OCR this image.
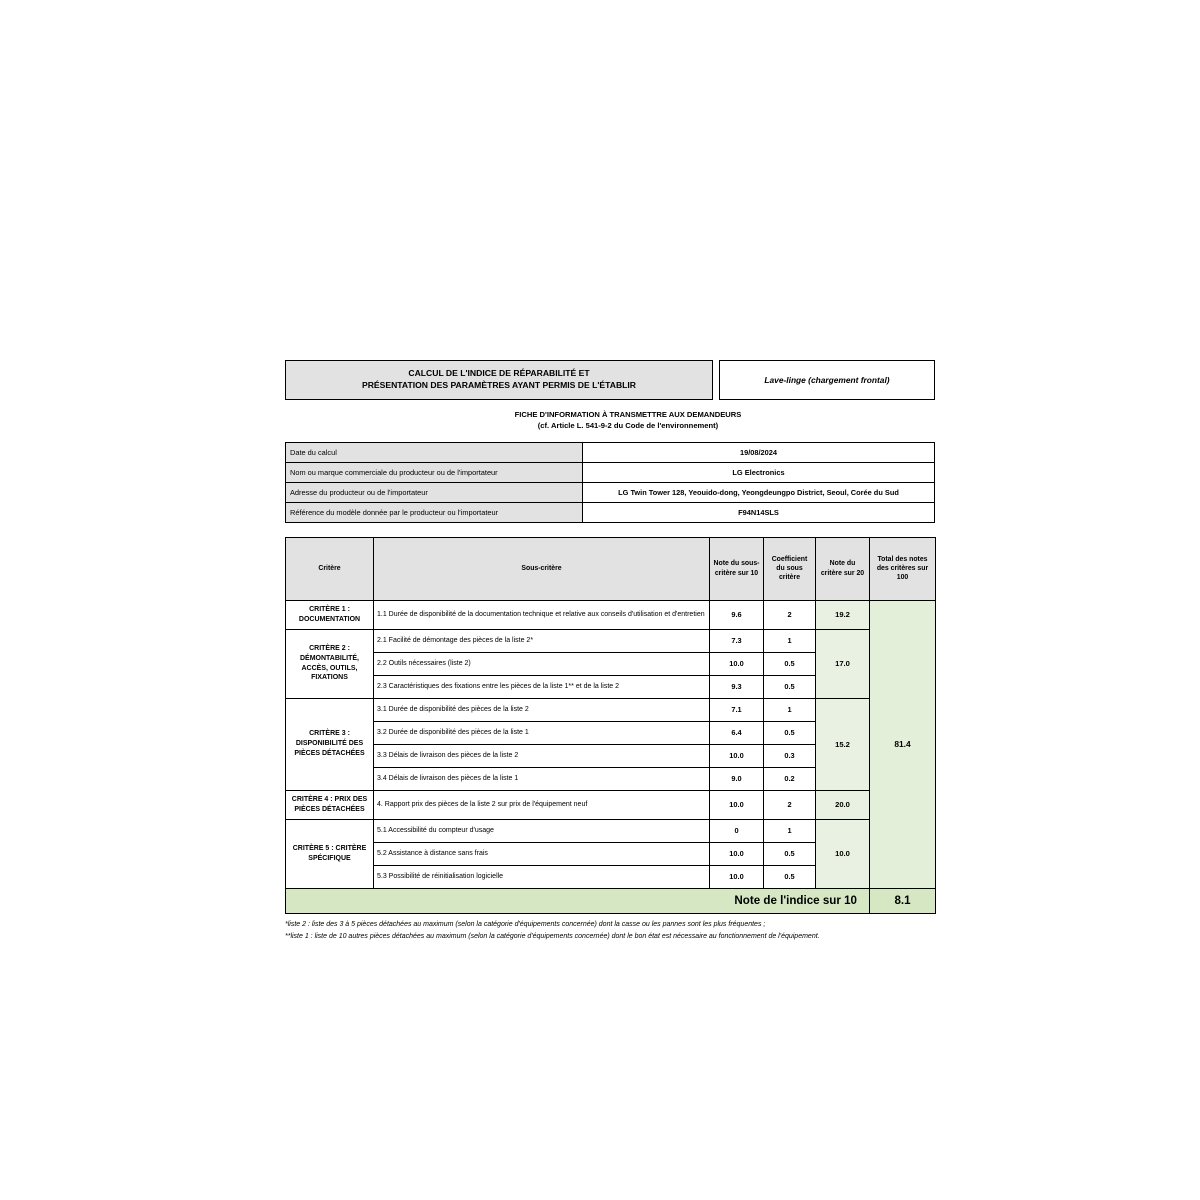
CALCUL DE L'INDICE DE RÉPARABILITÉ ET
PRÉSENTATION DES PARAMÈTRES AYANT PERMIS DE L'ÉTABLIR
Lave-linge (chargement frontal)
FICHE D'INFORMATION À TRANSMETTRE AUX DEMANDEURS
(cf. Article L. 541-9-2 du Code de l'environnement)
Date du calcul	19/08/2024
Nom ou marque commerciale du producteur ou de l'importateur	LG Electronics
Adresse du producteur ou de l'importateur	LG Twin Tower 128, Yeouido-dong, Yeongdeungpo District, Seoul, Corée du Sud
Référence du modèle donnée par le producteur ou l'importateur	F94N14SLS
Critère	Sous-critère	Note du sous-critère sur 10	Coefficient du sous critère	Note du critère sur 20	Total des notes des critères sur 100
CRITÈRE 1 : DOCUMENTATION	1.1 Durée de disponibilité de la documentation technique et relative aux conseils d'utilisation et d'entretien	9.6	2	19.2	81.4
CRITÈRE 2 : DÉMONTABILITÉ, ACCÈS, OUTILS, FIXATIONS	2.1 Facilité de démontage des pièces de la liste 2*	7.3	1	17.0	
	2.2 Outils nécessaires (liste 2)	10.0	0.5		
	2.3 Caractéristiques des fixations entre les pièces de la liste 1** et de la liste 2	9.3	0.5		
CRITÈRE 3 : DISPONIBILITÉ DES PIÈCES DÉTACHÉES	3.1 Durée de disponibilité des pièces de la liste 2	7.1	1	15.2	
	3.2 Durée de disponibilité des pièces de la liste 1	6.4	0.5		
	3.3 Délais de livraison des pièces de la liste 2	10.0	0.3		
	3.4 Délais de livraison des pièces de la liste 1	9.0	0.2		
CRITÈRE 4 : PRIX DES PIÈCES DÉTACHÉES	4. Rapport prix des pièces de la liste 2 sur prix de l'équipement neuf	10.0	2	20.0	
CRITÈRE 5 : CRITÈRE SPÉCIFIQUE	5.1 Accessibilité du compteur d'usage	0	1	10.0	
	5.2 Assistance à distance sans frais	10.0	0.5		
	5.3 Possibilité de réinitialisation logicielle	10.0	0.5		
Note de l'indice sur 10	8.1
*liste 2 : liste des 3 à 5 pièces détachées au maximum (selon la catégorie d'équipements concernée) dont la casse ou les pannes sont les plus fréquentes ;
**liste 1 : liste de 10 autres pièces détachées au maximum (selon la catégorie d'équipements concernée) dont le bon état est nécessaire au fonctionnement de l'équipement.
